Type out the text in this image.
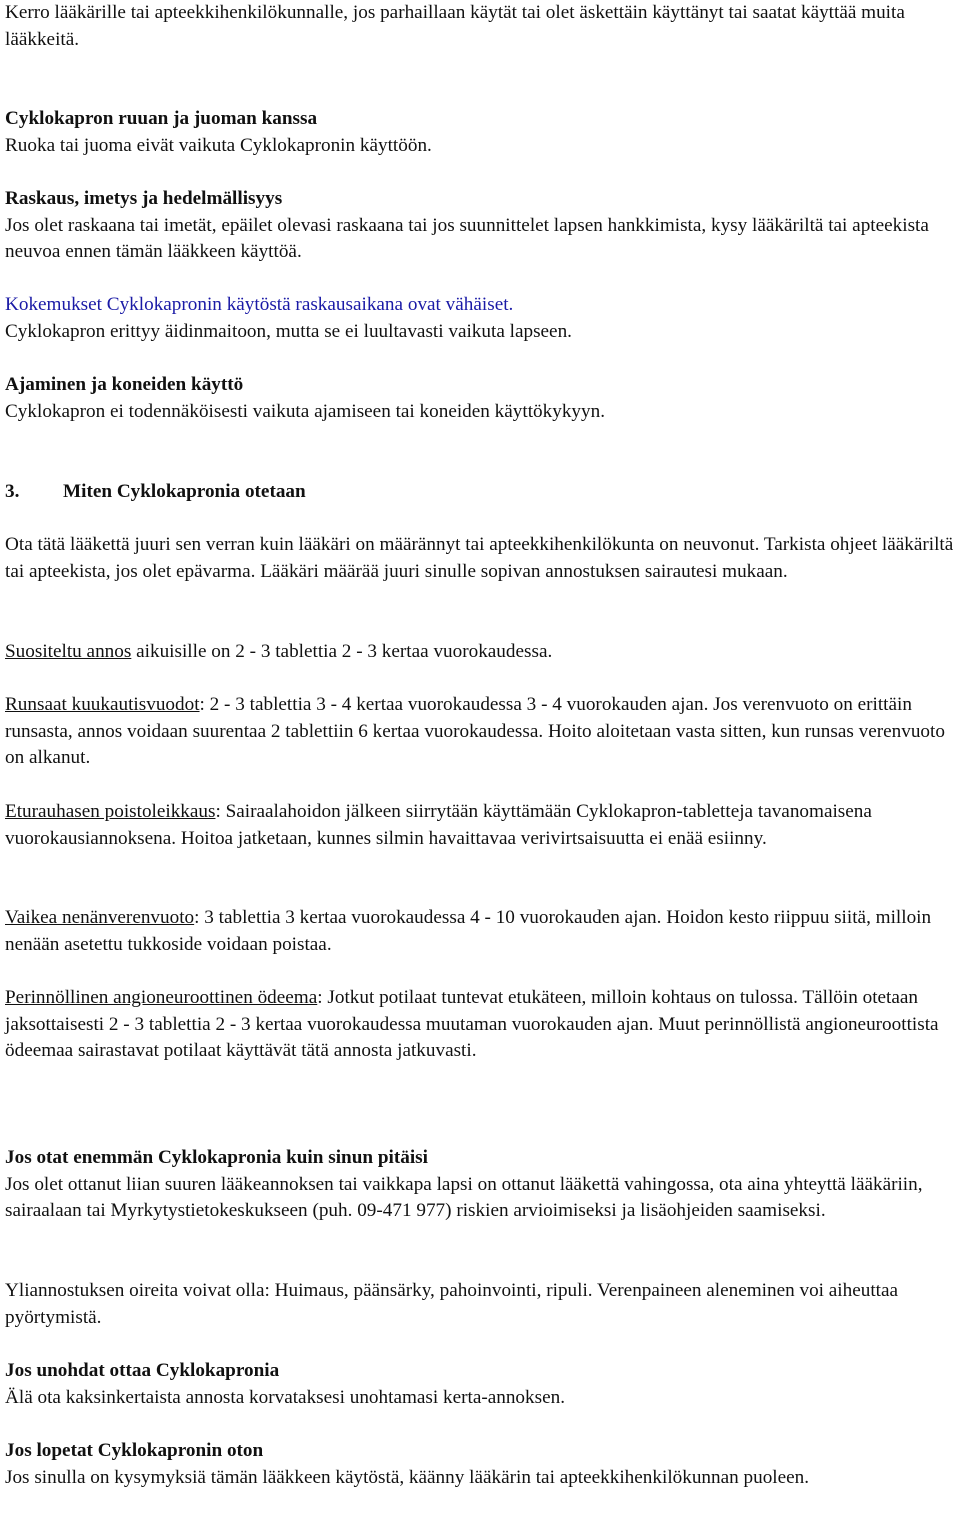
Kerro lääkärille tai apteekkihenkilökunnalle, jos parhaillaan käytät tai olet äskettäin käyttänyt tai saatat käyttää muita lääkkeitä.

Cyklokapron ruuan ja juoman kanssa

Ruoka tai juoma eivät vaikuta Cyklokapronin käyttöön.

Raskaus, imetys ja hedelmällisyys

Jos olet raskaana tai imetät, epäilet olevasi raskaana tai jos suunnittelet lapsen hankkimista, kysy lääkäriltä tai apteekista neuvoa ennen tämän lääkkeen käyttöä.

Kokemukset Cyklokapronin käytöstä raskausaikana ovat vähäiset.

Cyklokapron erittyy äidinmaitoon, mutta se ei luultavasti vaikuta lapseen.

Ajaminen ja koneiden käyttö

Cyklokapron ei todennäköisesti vaikuta ajamiseen tai koneiden käyttökykyyn.

3. Miten Cyklokapronia otetaan

Ota tätä lääkettä juuri sen verran kuin lääkäri on määrännyt tai apteekkihenkilökunta on neuvonut. Tarkista ohjeet lääkäriltä tai apteekista, jos olet epävarma. Lääkäri määrää juuri sinulle sopivan annostuksen sairautesi mukaan.

Suositeltu annos aikuisille on 2 - 3 tablettia 2 - 3 kertaa vuorokaudessa.

Runsaat kuukautisvuodot: 2 - 3 tablettia 3 - 4 kertaa vuorokaudessa 3 - 4 vuorokauden ajan. Jos verenvuoto on erittäin runsasta, annos voidaan suurentaa 2 tablettiin 6 kertaa vuorokaudessa. Hoito aloitetaan vasta sitten, kun runsas verenvuoto on alkanut.

Eturauhasen poistoleikkaus: Sairaalahoidon jälkeen siirrytään käyttämään Cyklokapron-tabletteja tavanomaisena vuorokausiannoksena. Hoitoa jatketaan, kunnes silmin havaittavaa verivirtsaisuutta ei enää esiinny.

Vaikea nenänverenvuoto: 3 tablettia 3 kertaa vuorokaudessa 4 - 10 vuorokauden ajan. Hoidon kesto riippuu siitä, milloin nenään asetettu tukkoside voidaan poistaa.

Perinnöllinen angioneuroottinen ödeema: Jotkut potilaat tuntevat etukäteen, milloin kohtaus on tulossa. Tällöin otetaan jaksottaisesti 2 - 3 tablettia 2 - 3 kertaa vuorokaudessa muutaman vuorokauden ajan. Muut perinnöllistä angioneuroottista ödeemaa sairastavat potilaat käyttävät tätä annosta jatkuvasti.

Jos otat enemmän Cyklokapronia kuin sinun pitäisi

Jos olet ottanut liian suuren lääkeannoksen tai vaikkapa lapsi on ottanut lääkettä vahingossa, ota aina yhteyttä lääkäriin, sairaalaan tai Myrkytystietokeskukseen (puh. 09-471 977) riskien arvioimiseksi ja lisäohjeiden saamiseksi.

Yliannostuksen oireita voivat olla: Huimaus, päänsärky, pahoinvointi, ripuli. Verenpaineen aleneminen voi aiheuttaa pyörtymistä.

Jos unohdat ottaa Cyklokapronia

Älä ota kaksinkertaista annosta korvataksesi unohtamasi kerta-annoksen.

Jos lopetat Cyklokapronin oton

Jos sinulla on kysymyksiä tämän lääkkeen käytöstä, käänny lääkärin tai apteekkihenkilökunnan puoleen.
